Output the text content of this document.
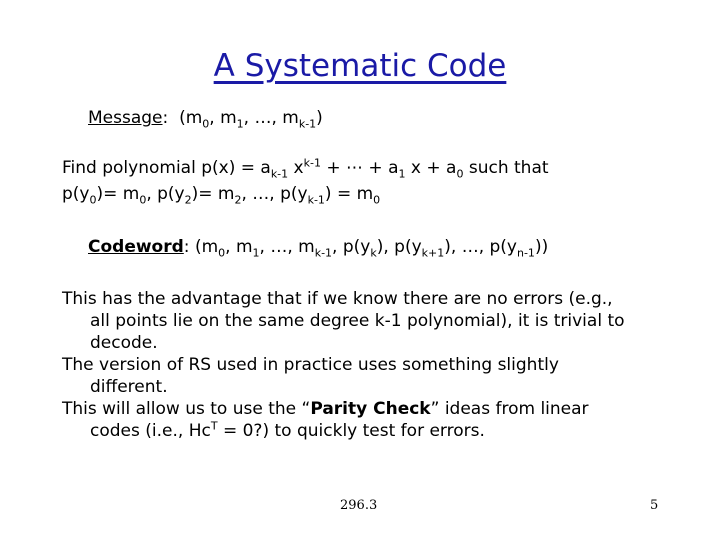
A Systematic Code
Message: ($m_0$, $m_1$, …, $m_{k-1}$)
Find polynomial $p(x) = a_{k-1}$ $x^{k-1}$ + ⋯ + $a_1$ $x + a_0$ such that
$p(y_0)= m_0$, $p(y_2)= m_2$, …, $p(y_{k-1}) = m_0$
Codeword: ($m_0$, $m_1$, …, $m_{k-1}$, $p(y_k)$, $p(y_{k+1})$, …, $p(y_{n-1})$)
This has the advantage that if we know there are no errors (e.g.,
all points lie on the same degree k-1 polynomial), it is trivial to
decode.
The version of RS used in practice uses something slightly
different.
This will allow us to use the “Parity Check” ideas from linear
codes (i.e., $Hc^T$ = 0?) to quickly test for errors.
296.3	5
